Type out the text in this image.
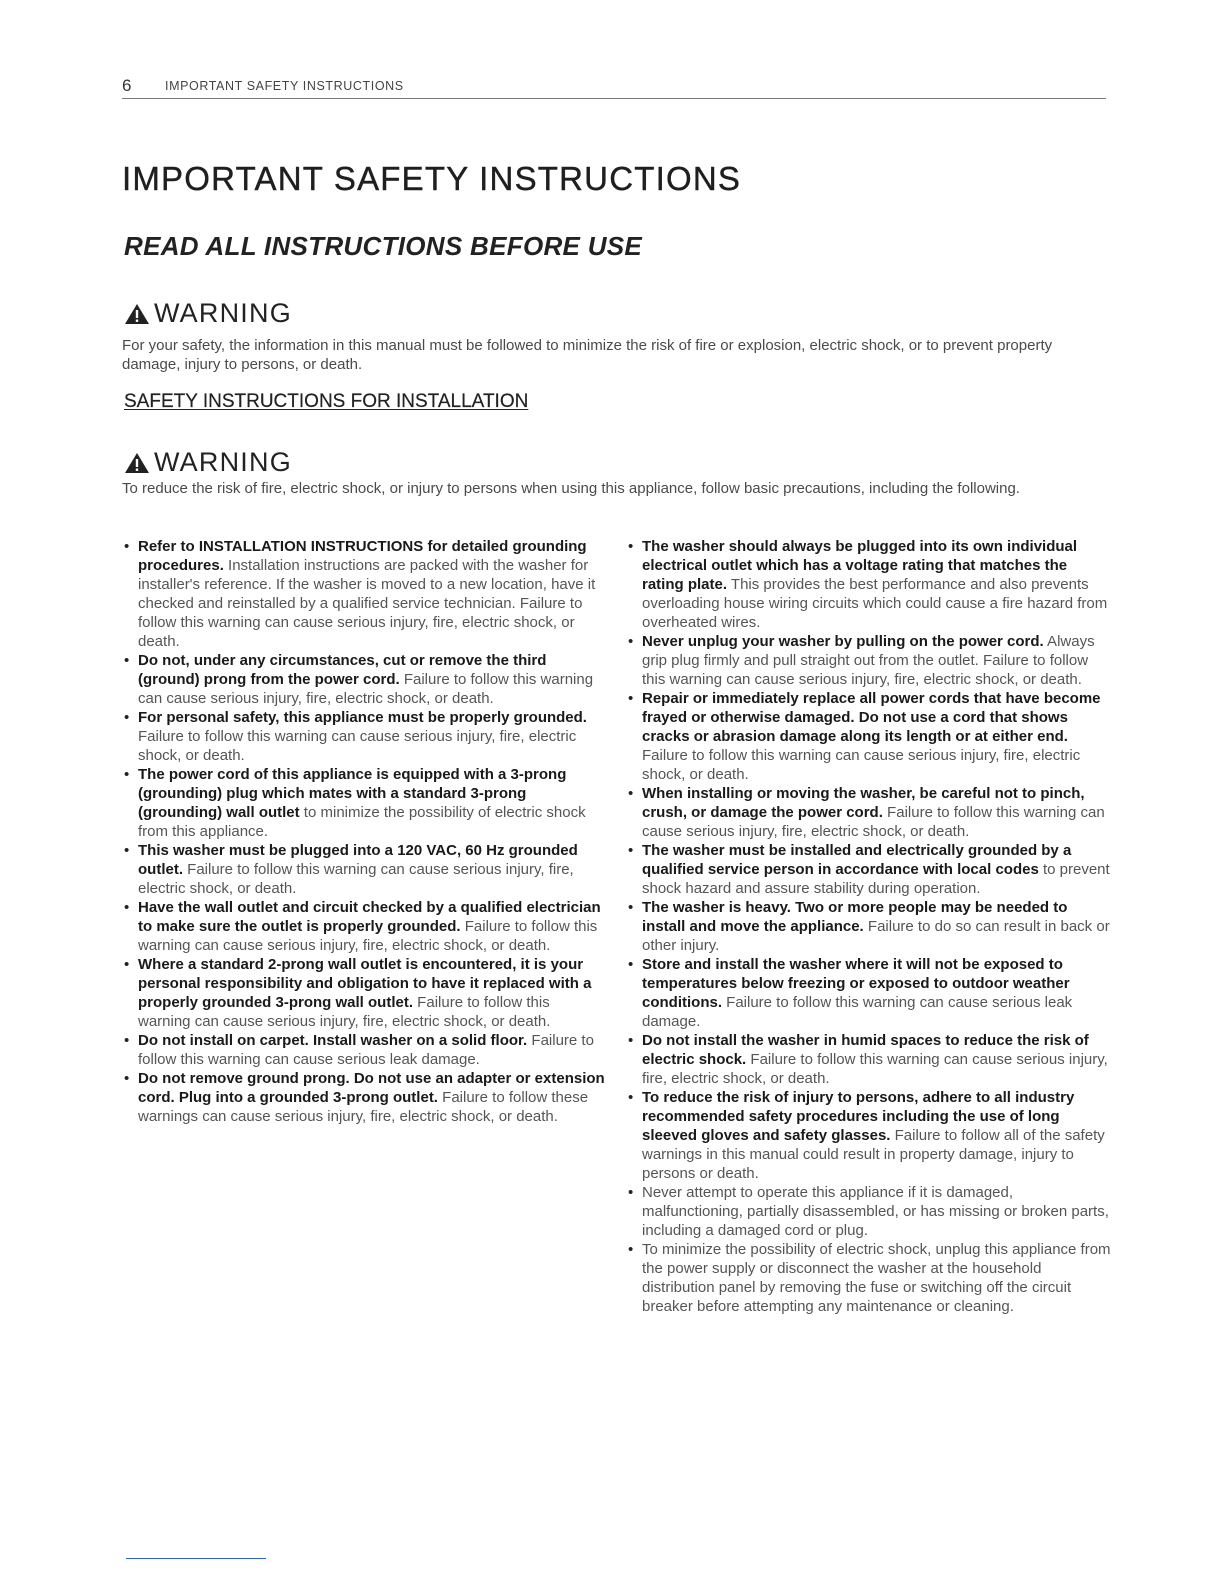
6	IMPORTANT SAFETY INSTRUCTIONS
IMPORTANT SAFETY INSTRUCTIONS
READ ALL INSTRUCTIONS BEFORE USE
WARNING

For your safety, the information in this manual must be followed to minimize the risk of fire or explosion, electric shock, or to prevent property damage, injury to persons, or death.

SAFETY INSTRUCTIONS FOR INSTALLATION
WARNING

To reduce the risk of fire, electric shock, or injury to persons when using this appliance, follow basic precautions, including the following.

• Refer to INSTALLATION INSTRUCTIONS for detailed grounding procedures. Installation instructions are packed with the washer for installer's reference. If the washer is moved to a new location, have it checked and reinstalled by a qualified service technician. Failure to follow this warning can cause serious injury, fire, electric shock, or death.
• Do not, under any circumstances, cut or remove the third (ground) prong from the power cord. Failure to follow this warning can cause serious injury, fire, electric shock, or death.
• For personal safety, this appliance must be properly grounded. Failure to follow this warning can cause serious injury, fire, electric shock, or death.
• The power cord of this appliance is equipped with a 3-prong (grounding) plug which mates with a standard 3-prong (grounding) wall outlet to minimize the possibility of electric shock from this appliance.
• This washer must be plugged into a 120 VAC, 60 Hz grounded outlet. Failure to follow this warning can cause serious injury, fire, electric shock, or death.
• Have the wall outlet and circuit checked by a qualified electrician to make sure the outlet is properly grounded. Failure to follow this warning can cause serious injury, fire, electric shock, or death.
• Where a standard 2-prong wall outlet is encountered, it is your personal responsibility and obligation to have it replaced with a properly grounded 3-prong wall outlet. Failure to follow this warning can cause serious injury, fire, electric shock, or death.
• Do not install on carpet. Install washer on a solid floor. Failure to follow this warning can cause serious leak damage.
• Do not remove ground prong. Do not use an adapter or extension cord. Plug into a grounded 3-prong outlet. Failure to follow these warnings can cause serious injury, fire, electric shock, or death.
• The washer should always be plugged into its own individual electrical outlet which has a voltage rating that matches the rating plate. This provides the best performance and also prevents overloading house wiring circuits which could cause a fire hazard from overheated wires.
• Never unplug your washer by pulling on the power cord. Always grip plug firmly and pull straight out from the outlet. Failure to follow this warning can cause serious injury, fire, electric shock, or death.
• Repair or immediately replace all power cords that have become frayed or otherwise damaged. Do not use a cord that shows cracks or abrasion damage along its length or at either end. Failure to follow this warning can cause serious injury, fire, electric shock, or death.
• When installing or moving the washer, be careful not to pinch, crush, or damage the power cord. Failure to follow this warning can cause serious injury, fire, electric shock, or death.
• The washer must be installed and electrically grounded by a qualified service person in accordance with local codes to prevent shock hazard and assure stability during operation.
• The washer is heavy. Two or more people may be needed to install and move the appliance. Failure to do so can result in back or other injury.
• Store and install the washer where it will not be exposed to temperatures below freezing or exposed to outdoor weather conditions. Failure to follow this warning can cause serious leak damage.
• Do not install the washer in humid spaces to reduce the risk of electric shock. Failure to follow this warning can cause serious injury, fire, electric shock, or death.
• To reduce the risk of injury to persons, adhere to all industry recommended safety procedures including the use of long sleeved gloves and safety glasses. Failure to follow all of the safety warnings in this manual could result in property damage, injury to persons or death.
• Never attempt to operate this appliance if it is damaged, malfunctioning, partially disassembled, or has missing or broken parts, including a damaged cord or plug.
• To minimize the possibility of electric shock, unplug this appliance from the power supply or disconnect the washer at the household distribution panel by removing the fuse or switching off the circuit breaker before attempting any maintenance or cleaning.
